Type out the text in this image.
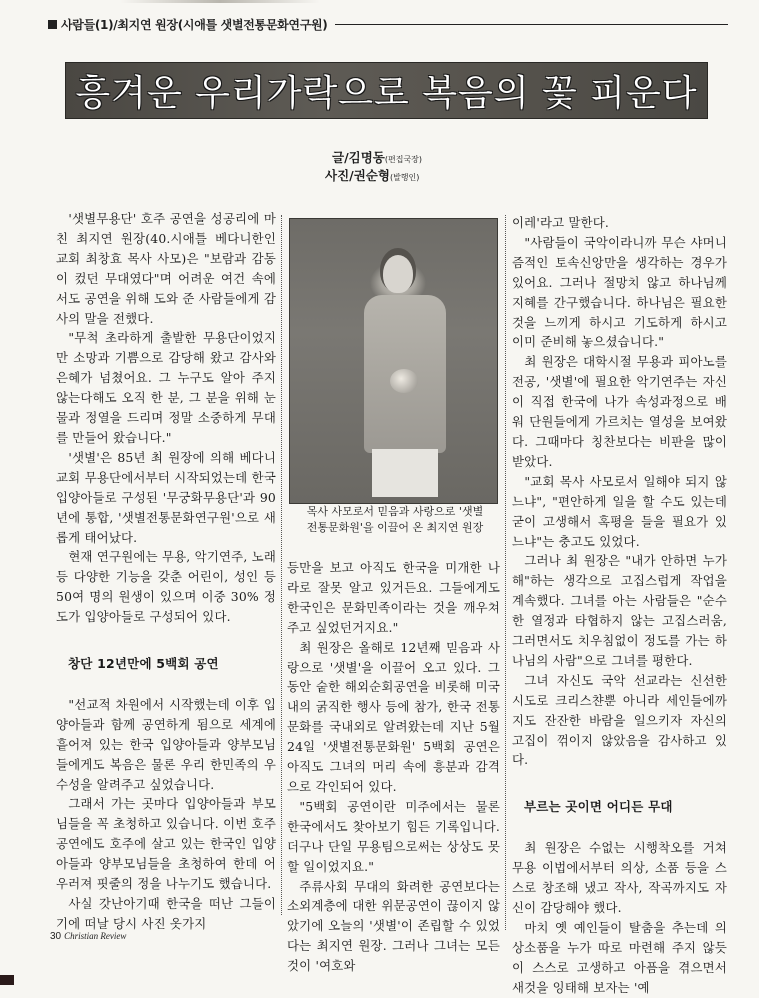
사람들(1)/최지연 원장(시애틀 샛별전통문화연구원)
흥겨운 우리가락으로 복음의 꽃 피운다
글/김명동(편집국장)
사진/권순형(발행인)

'샛별무용단' 호주 공연을 성공리에 마친 최지연 원장(40.시애틀 베다니한인교회 최창효 목사 사모)은 "보람과 감동이 컸던 무대였다"며 어려운 여건 속에서도 공연을 위해 도와 준 사람들에게 감사의 말을 전했다.

"무척 초라하게 출발한 무용단이었지만 소망과 기쁨으로 감당해 왔고 감사와 은혜가 넘쳤어요. 그 누구도 알아 주지 않는다해도 오직 한 분, 그 분을 위해 눈물과 정열을 드리며 정말 소중하게 무대를 만들어 왔습니다."

'샛별'은 85년 최 원장에 의해 베다니교회 무용단에서부터 시작되었는데 한국 입양아들로 구성된 '무궁화무용단'과 90년에 통합, '샛별전통문화연구원'으로 새롭게 태어났다.

현재 연구원에는 무용, 악기연주, 노래 등 다양한 기능을 갖춘 어린이, 성인 등 50여 명의 원생이 있으며 이중 30% 정도가 입양아들로 구성되어 있다.

창단 12년만에 5백회 공연

"선교적 차원에서 시작했는데 이후 입양아들과 함께 공연하게 됨으로 세계에 흩어져 있는 한국 입양아들과 양부모님들에게도 복음은 물론 우리 한민족의 우수성을 알려주고 싶었습니다.

그래서 가는 곳마다 입양아들과 부모님들을 꼭 초청하고 있습니다. 이번 호주공연에도 호주에 살고 있는 한국인 입양아들과 양부모님들을 초청하여 한데 어우러져 핏줄의 정을 나누기도 했습니다.

사실 갓난아기때 한국을 떠난 그들이기에 떠날 당시 사진 옷가지

목사 사모로서 믿음과 사랑으로 '샛별
전통문화원'을 이끌어 온 최지연 원장

등만을 보고 아직도 한국을 미개한 나라로 잘못 알고 있거든요. 그들에게도 한국인은 문화민족이라는 것을 깨우쳐 주고 싶었던거지요."

최 원장은 올해로 12년째 믿음과 사랑으로 '샛별'을 이끌어 오고 있다. 그동안 숱한 해외순회공연을 비롯해 미국내의 굵직한 행사 등에 참가, 한국 전통문화를 국내외로 알려왔는데 지난 5월 24일 '샛별전통문화원' 5백회 공연은 아직도 그녀의 머리 속에 흥분과 감격으로 각인되어 있다.

"5백회 공연이란 미주에서는 물론 한국에서도 찾아보기 힘든 기록입니다. 더구나 단일 무용팀으로써는 상상도 못할 일이었지요."

주류사회 무대의 화려한 공연보다는 소외계층에 대한 위문공연이 끊이지 않았기에 오늘의 '샛별'이 존립할 수 있었다는 최지연 원장. 그러나 그녀는 모든 것이 '여호와

이레'라고 말한다.

"사람들이 국악이라니까 무슨 샤머니즘적인 토속신앙만을 생각하는 경우가 있어요. 그러나 절망치 않고 하나님께 지혜를 간구했습니다. 하나님은 필요한 것을 느끼게 하시고 기도하게 하시고 이미 준비해 놓으셨습니다."

최 원장은 대학시절 무용과 피아노를 전공, '샛별'에 필요한 악기연주는 자신이 직접 한국에 나가 속성과정으로 배워 단원들에게 가르치는 열성을 보여왔다. 그때마다 칭찬보다는 비판을 많이 받았다.

"교회 목사 사모로서 일해야 되지 않느냐", "편안하게 일을 할 수도 있는데 굳이 고생해서 혹평을 들을 필요가 있느냐"는 충고도 있었다.

그러나 최 원장은 "내가 안하면 누가 해"하는 생각으로 고집스럽게 작업을 계속했다. 그녀를 아는 사람들은 "순수한 열정과 타협하지 않는 고집스러움, 그러면서도 치우침없이 정도를 가는 하나님의 사람"으로 그녀를 평한다.

그녀 자신도 국악 선교라는 신선한 시도로 크리스챤뿐 아니라 세인들에까지도 잔잔한 바람을 일으키자 자신의 고집이 꺾이지 않았음을 감사하고 있다.

부르는 곳이면 어디든 무대

최 원장은 수없는 시행착오를 거쳐 무용 이법에서부터 의상, 소품 등을 스스로 창조해 냈고 작사, 작곡까지도 자신이 감당해야 했다.

마치 옛 예인들이 탈춤을 추는데 의상소품을 누가 따로 마련해 주지 않듯이 스스로 고생하고 아픔을 겪으면서 새것을 잉태해 보자는 '예

30 Christian Review
